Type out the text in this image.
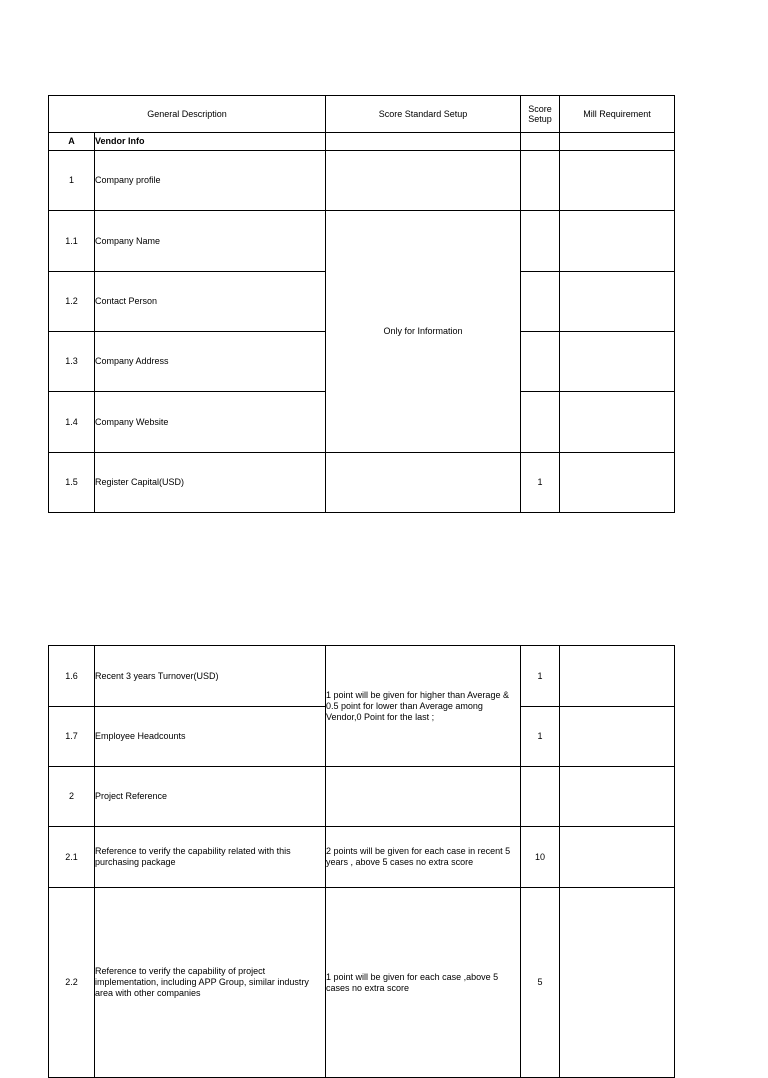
General Description		Score Standard Setup	Score Setup	Mill Requirement
A	Vendor Info			
1	Company profile			
1.1	Company Name	Only for Information		
1.2	Contact Person			
1.3	Company Address			
1.4	Company Website			
1.5	Register Capital(USD)		1	
1.6	Recent 3 years Turnover(USD)	1 point will be given for higher than Average & 0.5 point for lower than Average among Vendor,0 Point for the last ;	1	
1.7	Employee Headcounts		1	
2	Project Reference			
2.1	Reference to verify the capability related with this purchasing package	2 points will be given for each case in recent 5 years , above 5 cases no extra score	10	
2.2	Reference to verify the capability of project implementation, including APP Group, similar industry area with other companies	1 point will be given for each case ,above 5 cases no extra score	5	
